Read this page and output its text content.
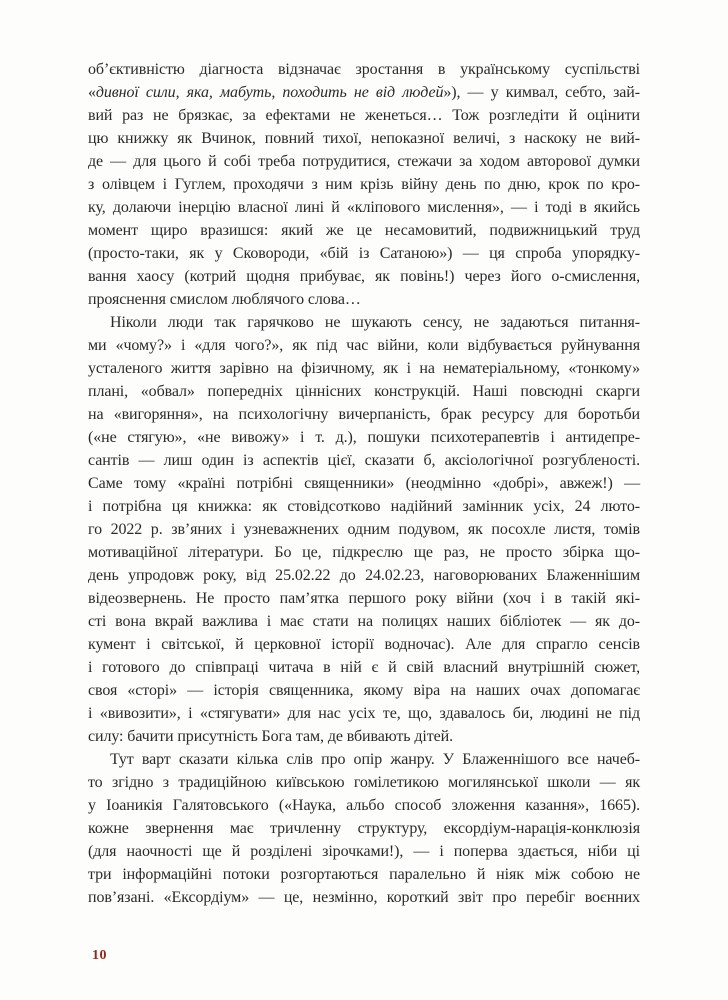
об’єктивністю діагноста відзначає зростання в українському суспільстві
«дивної сили, яка, мабуть, походить не від людей»), — у кимвал, себто, зай-
вий раз не брязкає, за ефектами не женеться… Тож розгледіти й оцінити
цю книжку як Вчинок, повний тихої, непоказної величі, з наскоку не вий-
де — для цього й собі треба потрудитися, стежачи за ходом авторової думки
з олівцем і Гуглем, проходячи з ним крізь війну день по дню, крок по кро-
ку, долаючи інерцію власної лині й «кліпового мислення», — і тоді в якийсь
момент щиро вразишся: який же це несамовитий, подвижницький труд
(просто-таки, як у Сковороди, «бій із Сатаною») — ця спроба упорядку-
вання хаосу (котрий щодня прибуває, як повінь!) через його о-смислення,
прояснення смислом люблячого слова…
Ніколи люди так гарячково не шукають сенсу, не задаються питання-
ми «чому?» і «для чого?», як під час війни, коли відбувається руйнування
усталеного життя зарівно на фізичному, як і на нематеріальному, «тонкому»
плані, «обвал» попередніх ціннісних конструкцій. Наші повсюдні скарги
на «вигоряння», на психологічну вичерпаність, брак ресурсу для боротьби
(«не стягую», «не вивожу» і т. д.), пошуки психотерапевтів і антидепре-
сантів — лиш один із аспектів цієї, сказати б, аксіологічної розгубленості.
Саме тому «країні потрібні священники» (неодмінно «добрі», авжеж!) —
і потрібна ця книжка: як стовідсотково надійний замінник усіх, 24 люто-
го 2022 р. зв’яних і узневажнених одним подувом, як посохле листя, томів
мотиваційної літератури. Бо це, підкреслю ще раз, не просто збірка що-
день упродовж року, від 25.02.22 до 24.02.23, наговорюваних Блаженнішим
відеозвернень. Не просто пам’ятка першого року війни (хоч і в такій які-
сті вона вкрай важлива і має стати на полицях наших бібліотек — як до-
кумент і світської, й церковної історії водночас). Але для спрагло сенсів
і готового до співпраці читача в ній є й свій власний внутрішній сюжет,
своя «сторі» — історія священника, якому віра на наших очах допомагає
і «вивозити», і «стягувати» для нас усіх те, що, здавалось би, людині не під
силу: бачити присутність Бога там, де вбивають дітей.
Тут варт сказати кілька слів про опір жанру. У Блаженнішого все начеб-
то згідно з традиційною київською гомілетикою могилянської школи — як
у Іоаникія Галятовського («Наука, альбо способ зложення казання», 1665).
кожне звернення має тричленну структуру, ексордіум-нарація-конклюзія
(для наочності ще й розділені зірочками!), — і поперва здається, ніби ці
три інформаційні потоки розгортаються паралельно й ніяк між собою не
пов’язані. «Ексордіум» — це, незмінно, короткий звіт про перебіг воєнних
10
